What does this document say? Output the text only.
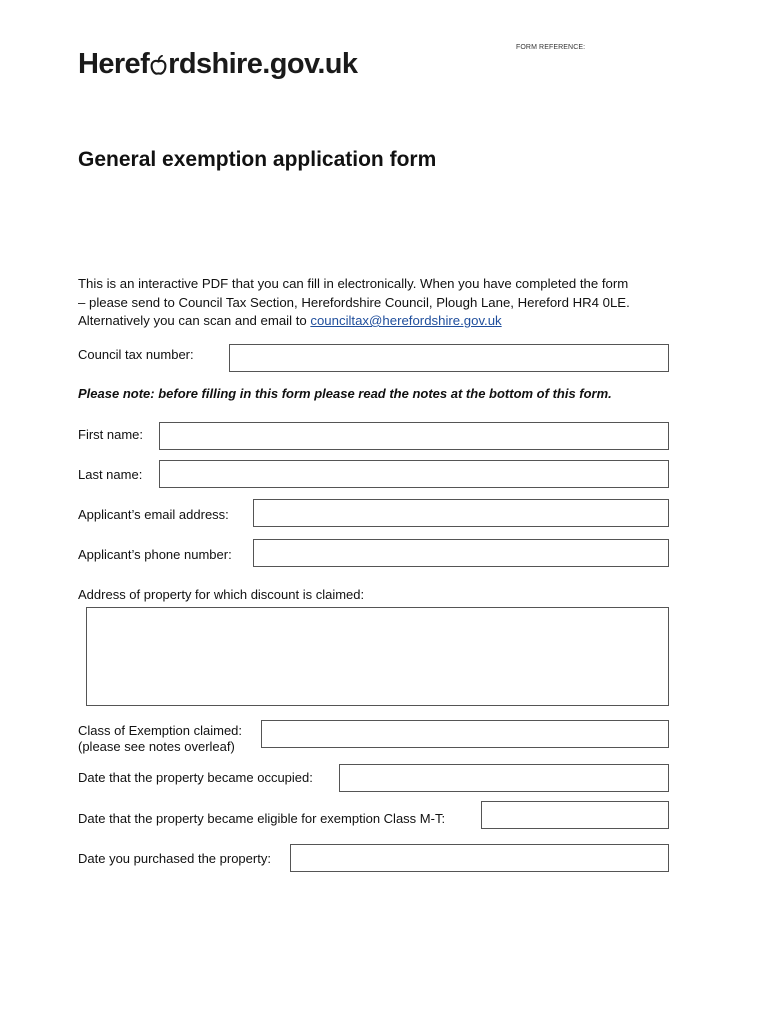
Heref rdshire.gov.uk
FORM REFERENCE:
General exemption application form
This is an interactive PDF that you can fill in electronically. When you have completed the form
– please send to Council Tax Section, Herefordshire Council, Plough Lane, Hereford HR4 0LE.
Alternatively you can scan and email to counciltax@herefordshire.gov.uk
Council tax number:
Please note: before filling in this form please read the notes at the bottom of this form.
First name:
Last name:
Applicant’s email address:
Applicant’s phone number:
Address of property for which discount is claimed:
Class of Exemption claimed:
(please see notes overleaf)
Date that the property became occupied:
Date that the property became eligible for exemption Class M-T:
Date you purchased the property:
